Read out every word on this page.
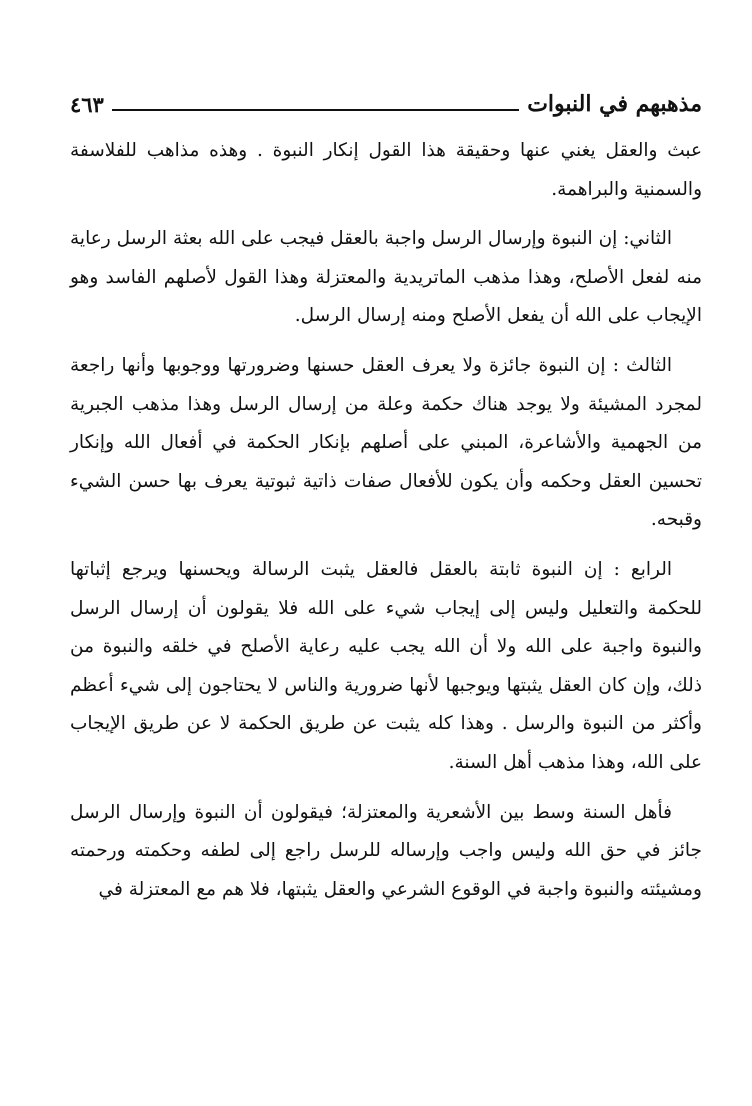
مذهبهم في النبوات
٤٦٣

عبث والعقل يغني عنها وحقيقة هذا القول إنكار النبوة . وهذه مذاهب للفلاسفة والسمنية والبراهمة.

الثاني: إن النبوة وإرسال الرسل واجبة بالعقل فيجب على الله بعثة الرسل رعاية منه لفعل الأصلح، وهذا مذهب الماتريدية والمعتزلة وهذا القول لأصلهم الفاسد وهو الإيجاب على الله أن يفعل الأصلح ومنه إرسال الرسل.

الثالث : إن النبوة جائزة ولا يعرف العقل حسنها وضرورتها ووجوبها وأنها راجعة لمجرد المشيئة ولا يوجد هناك حكمة وعلة من إرسال الرسل وهذا مذهب الجبرية من الجهمية والأشاعرة، المبني على أصلهم بإنكار الحكمة في أفعال الله وإنكار تحسين العقل وحكمه وأن يكون للأفعال صفات ذاتية ثبوتية يعرف بها حسن الشيء وقبحه.

الرابع : إن النبوة ثابتة بالعقل فالعقل يثبت الرسالة ويحسنها ويرجع إثباتها للحكمة والتعليل وليس إلى إيجاب شيء على الله فلا يقولون أن إرسال الرسل والنبوة واجبة على الله ولا أن الله يجب عليه رعاية الأصلح في خلقه والنبوة من ذلك، وإن كان العقل يثبتها ويوجبها لأنها ضرورية والناس لا يحتاجون إلى شيء أعظم وأكثر من النبوة والرسل . وهذا كله يثبت عن طريق الحكمة لا عن طريق الإيجاب على الله، وهذا مذهب أهل السنة.

فأهل السنة وسط بين الأشعرية والمعتزلة؛ فيقولون أن النبوة وإرسال الرسل جائز في حق الله وليس واجب وإرساله للرسل راجع إلى لطفه وحكمته ورحمته ومشيئته والنبوة واجبة في الوقوع الشرعي والعقل يثبتها، فلا هم مع المعتزلة في
